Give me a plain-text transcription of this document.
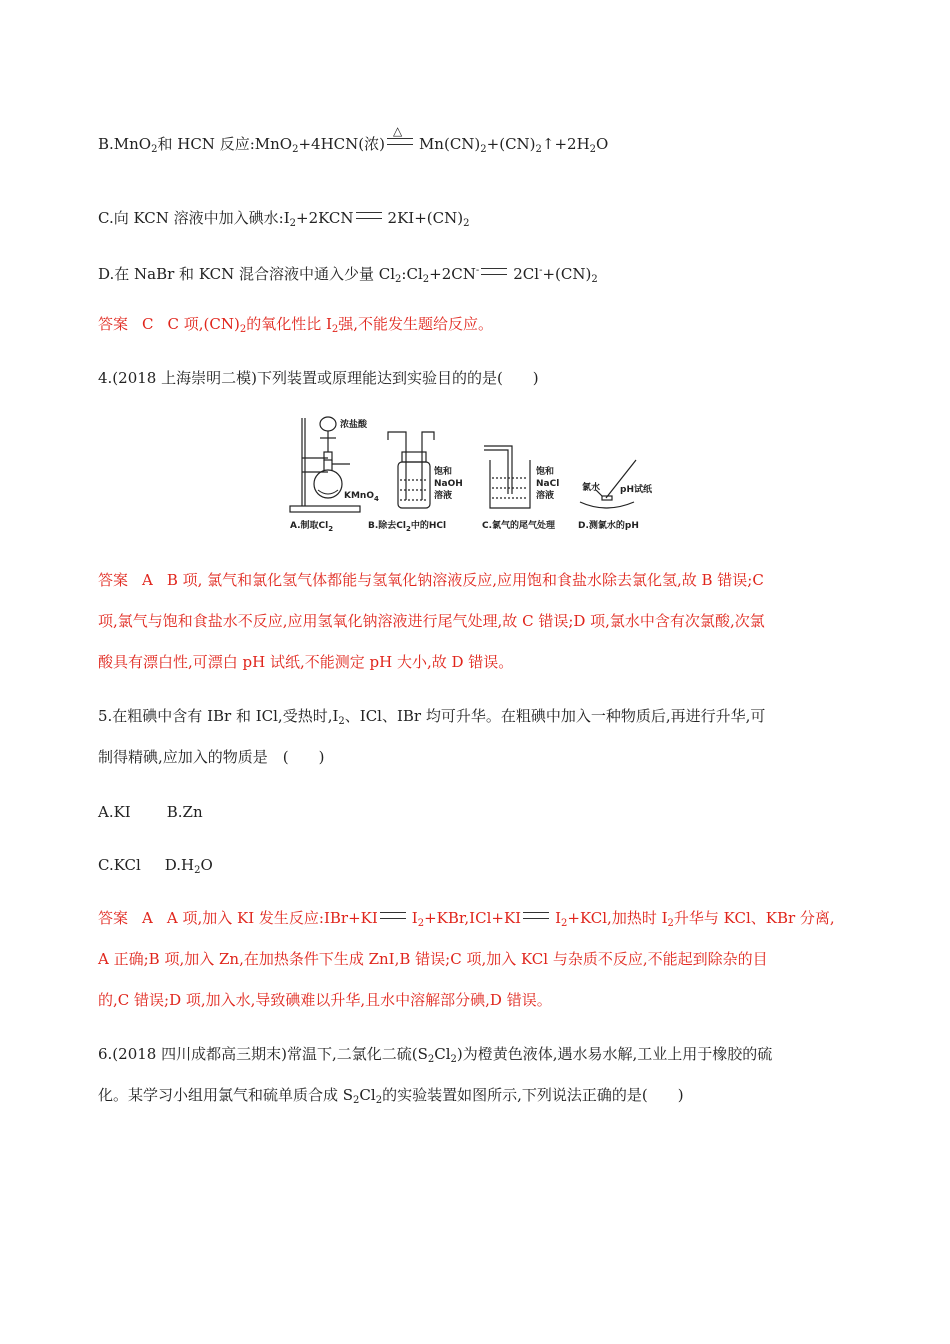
B.MnO$_2$和 HCN 反应:MnO$_2$+4HCN(浓)△ $Mn(CN)_2+(CN)_2↑+2H_2O$
C.向 KCN 溶液中加入碘水$:I_2+2KCN$ $2KI+(CN)_2$
D.在 NaBr 和 KCN 混合溶液中通入少量 $Cl_2:Cl_2+2CN^-$ $2Cl^-+(CN)_2$
答案 C C 项$,(CN)_2$的氧化性比 $I_2$强,不能发生题给反应。
4.(2018 上海崇明二模)下列装置或原理能达到实验目的的是(　　)
浓盐酸
KMnO$_4$
A.制取$Cl_2$
饱和
NaOH
溶液
B.除去$Cl_2$中的HCl
饱和
NaCl
溶液
C.氯气的尾气处理
氯水 pH试纸
D.测氯水的pH
答案 A B 项, 氯气和氯化氢气体都能与氢氧化钠溶液反应,应用饱和食盐水除去氯化氢,故 B 错误;C
项,氯气与饱和食盐水不反应,应用氢氧化钠溶液进行尾气处理,故 C 错误;D 项,氯水中含有次氯酸,次氯
酸具有漂白性,可漂白 pH 试纸,不能测定 pH 大小,故 D 错误。
5.在粗碘中含有 IBr 和 ICl,受热时$,I_2$、ICl、IBr 均可升华。在粗碘中加入一种物质后,再进行升华,可
制得精碘,应加入的物质是　(　　)
A.KI B.Zn
C.KCl $D.H_2O$
答案 A A 项,加入 KI 发生反应:IBr+KI $I_2+KBr,ICl+KI$ $I_2+KCl$,加热时 $I_2$升华与 KCl、KBr 分离,
A 正确;B 项,加入 Zn,在加热条件下生成 ZnI,B 错误;C 项,加入 KCl 与杂质不反应,不能起到除杂的目
的,C 错误;D 项,加入水,导致碘难以升华,且水中溶解部分碘,D 错误。
6.(2018 四川成都高三期末)常温下,二氯化二硫$(S_2Cl_2)$为橙黄色液体,遇水易水解,工业上用于橡胶的硫
化。某学习小组用氯气和硫单质合成 $S_2Cl_2$的实验装置如图所示,下列说法正确的是(　　)
